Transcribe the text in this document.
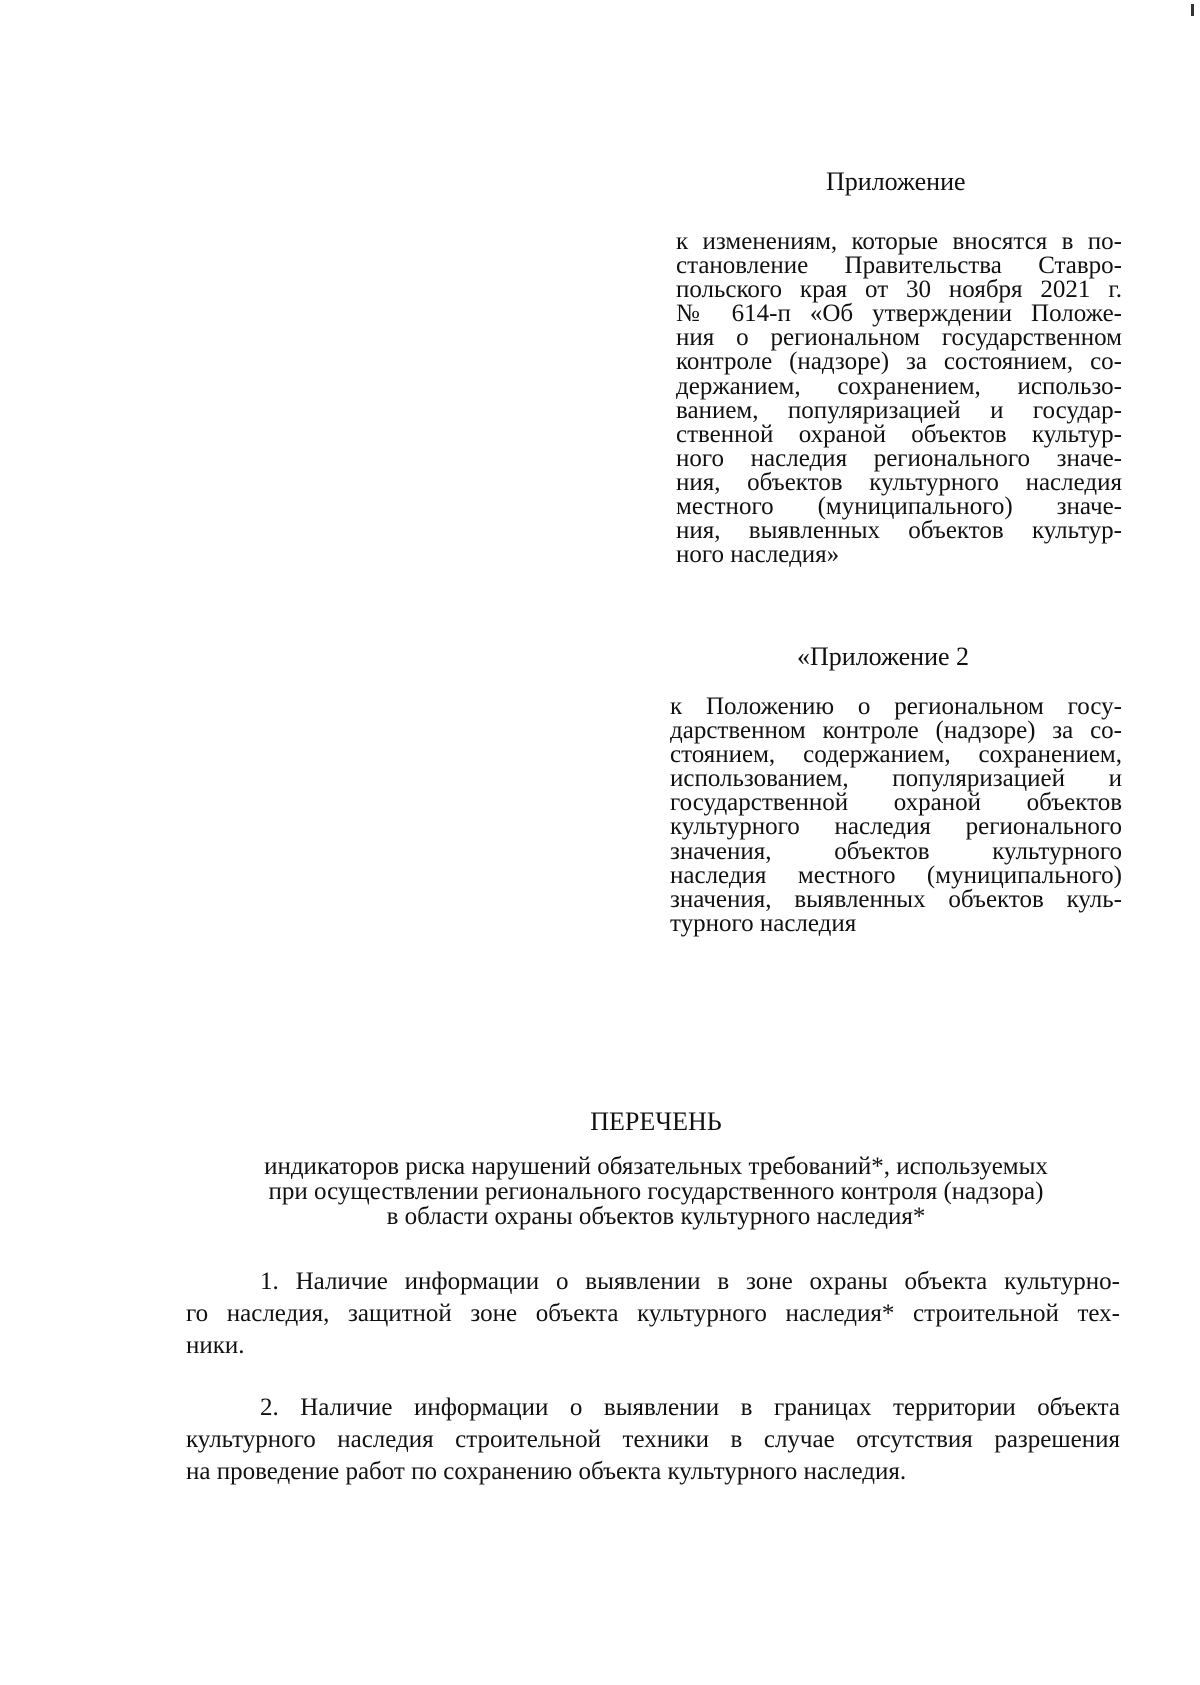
Приложение
к изменениям, которые вносятся в по-
становление Правительства Ставро-
польского края от 30 ноября 2021 г.
№ 614-п «Об утверждении Положе-
ния о региональном государственном
контроле (надзоре) за состоянием, со-
держанием, сохранением, использо-
ванием, популяризацией и государ-
ственной охраной объектов культур-
ного наследия регионального значе-
ния, объектов культурного наследия
местного (муниципального) значе-
ния, выявленных объектов культур-
ного наследия»
«Приложение 2
к Положению о региональном госу-
дарственном контроле (надзоре) за со-
стоянием, содержанием, сохранением,
использованием, популяризацией и
государственной охраной объектов
культурного наследия регионального
значения, объектов культурного
наследия местного (муниципального)
значения, выявленных объектов куль-
турного наследия
ПЕРЕЧЕНЬ
индикаторов риска нарушений обязательных требований*, используемых
при осуществлении регионального государственного контроля (надзора)
в области охраны объектов культурного наследия*
1. Наличие информации о выявлении в зоне охраны объекта культурно-
го наследия, защитной зоне объекта культурного наследия* строительной тех-
ники.
2. Наличие информации о выявлении в границах территории объекта
культурного наследия строительной техники в случае отсутствия разрешения
на проведение работ по сохранению объекта культурного наследия.
